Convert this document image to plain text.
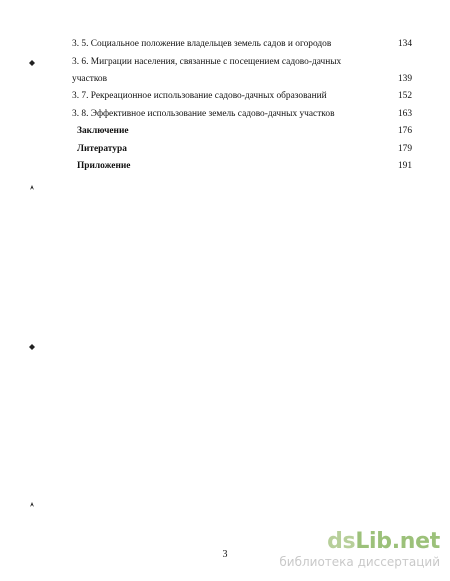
3. 5. Социальное положение владельцев земель садов и огородов	134
3. 6. Миграции населения, связанные с посещением садово-дачных
участков	139
3. 7. Рекреационное использование садово-дачных образований	152
3. 8. Эффективное использование земель садово-дачных участков	163
Заключение	176
Литература	179
Приложение	191
3
dsLib.net
библиотека диссертаций
